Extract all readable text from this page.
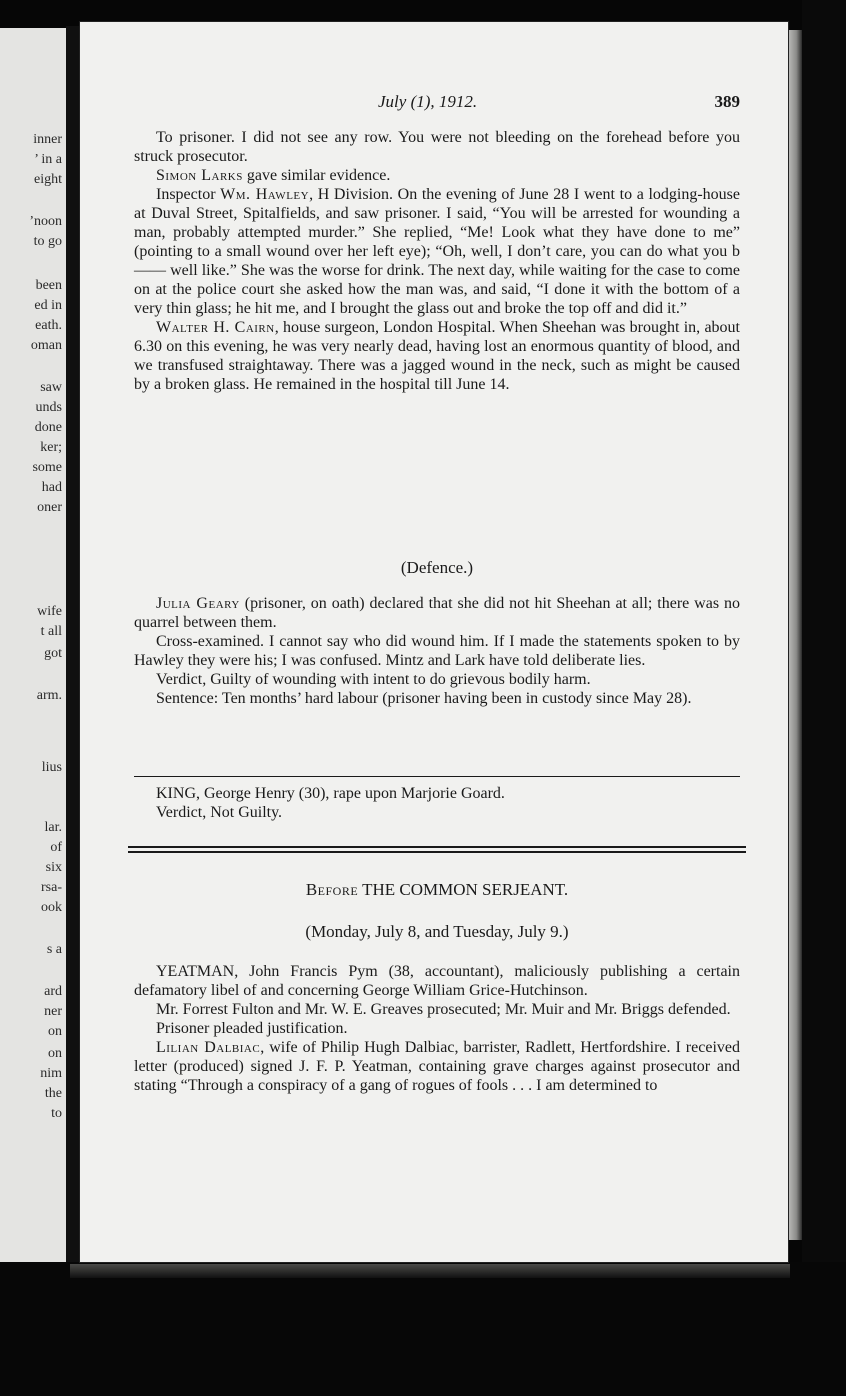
inner
’ in a
eight
’noon
to go
been
ed in
eath.
oman
saw
unds
done
ker;
some
had
oner
wife
t all
got
arm.
lius
lar.
of
six
rsa-
ook
s a
ard
ner
on
on
nim
the
to
July (1), 1912.	389

To prisoner. I did not see any row. You were not bleeding on the forehead before you struck prosecutor.

Simon Larks gave similar evidence.

Inspector Wm. Hawley, H Division. On the evening of June 28 I went to a lodging-house at Duval Street, Spitalfields, and saw prisoner. I said, “You will be arrested for wounding a man, probably attempted murder.” She replied, “Me! Look what they have done to me” (pointing to a small wound over her left eye); “Oh, well, I don’t care, you can do what you b—— well like.” She was the worse for drink. The next day, while waiting for the case to come on at the police court she asked how the man was, and said, “I done it with the bottom of a very thin glass; he hit me, and I brought the glass out and broke the top off and did it.”

Walter H. Cairn, house surgeon, London Hospital. When Sheehan was brought in, about 6.30 on this evening, he was very nearly dead, having lost an enormous quantity of blood, and we transfused straightaway. There was a jagged wound in the neck, such as might be caused by a broken glass. He remained in the hospital till June 14.

(Defence.)

Julia Geary (prisoner, on oath) declared that she did not hit Sheehan at all; there was no quarrel between them.

Cross-examined. I cannot say who did wound him. If I made the statements spoken to by Hawley they were his; I was confused. Mintz and Lark have told deliberate lies.

Verdict, Guilty of wounding with intent to do grievous bodily harm.

Sentence: Ten months’ hard labour (prisoner having been in custody since May 28).

KING, George Henry (30), rape upon Marjorie Goard.

Verdict, Not Guilty.

Before THE COMMON SERJEANT.

(Monday, July 8, and Tuesday, July 9.)

YEATMAN, John Francis Pym (38, accountant), maliciously publishing a certain defamatory libel of and concerning George William Grice-Hutchinson.

Mr. Forrest Fulton and Mr. W. E. Greaves prosecuted; Mr. Muir and Mr. Briggs defended.

Prisoner pleaded justification.

Lilian Dalbiac, wife of Philip Hugh Dalbiac, barrister, Radlett, Hertfordshire. I received letter (produced) signed J. F. P. Yeatman, containing grave charges against prosecutor and stating “Through a conspiracy of a gang of rogues of fools . . . I am determined to
